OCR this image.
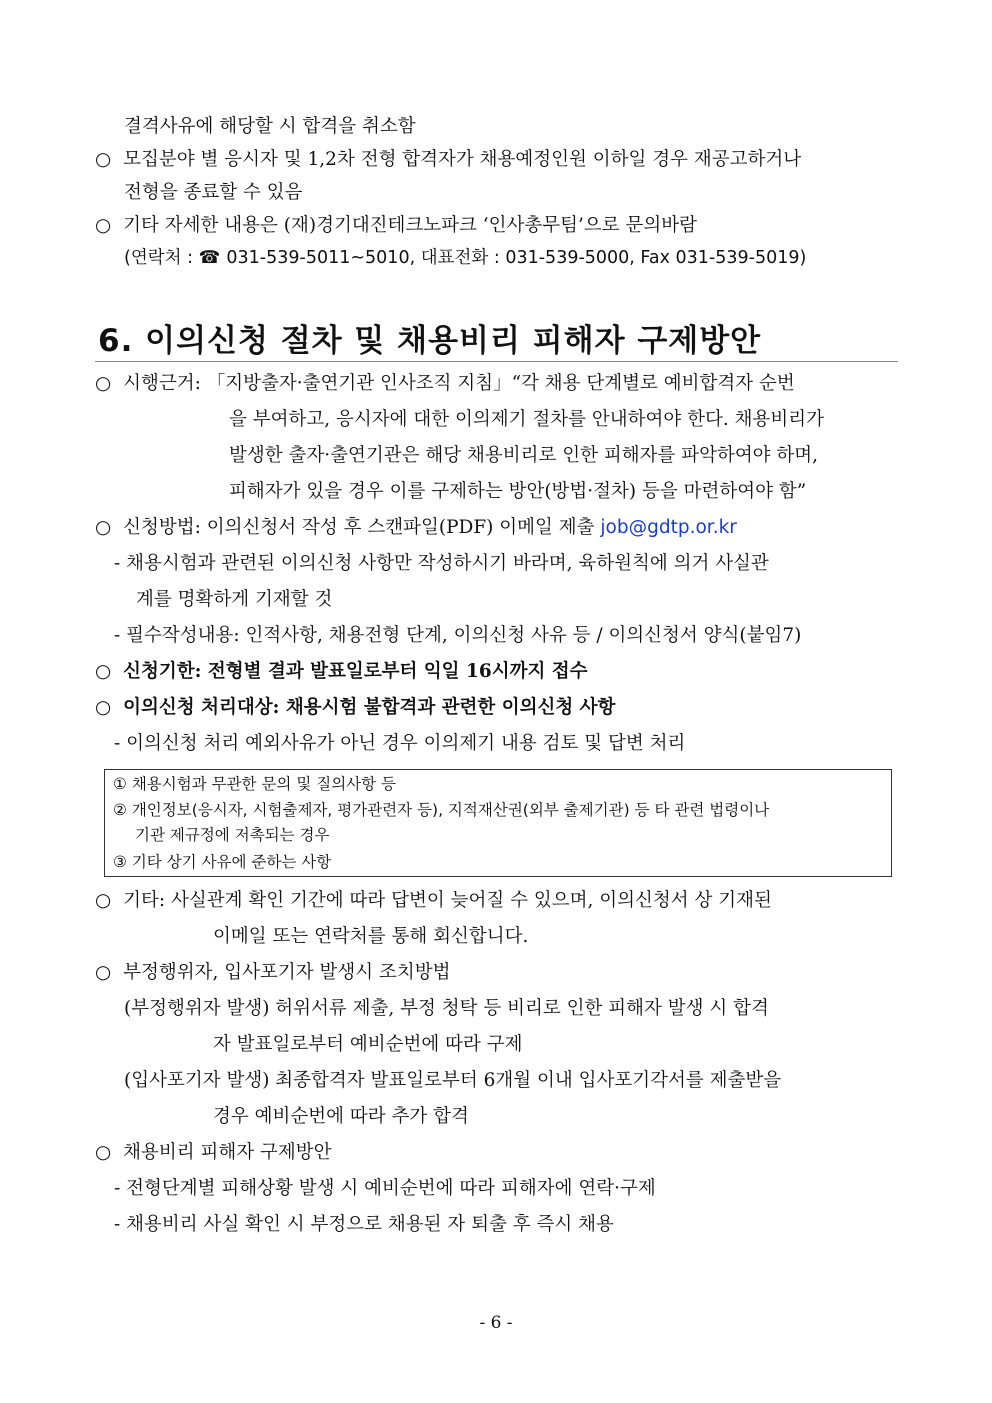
결격사유에 해당할 시 합격을 취소함
○ 모집분야 별 응시자 및 1,2차 전형 합격자가 채용예정인원 이하일 경우 재공고하거나
전형을 종료할 수 있음
○ 기타 자세한 내용은 (재)경기대진테크노파크 ‘인사총무팀’으로 문의바람
(연락처 : ☎ 031-539-5011~5010, 대표전화 : 031-539-5000, Fax 031-539-5019)
6. 이의신청 절차 및 채용비리 피해자 구제방안
○ 시행근거: 「지방출자·출연기관 인사조직 지침」“각 채용 단계별로 예비합격자 순번
을 부여하고, 응시자에 대한 이의제기 절차를 안내하여야 한다. 채용비리가
발생한 출자·출연기관은 해당 채용비리로 인한 피해자를 파악하여야 하며,
피해자가 있을 경우 이를 구제하는 방안(방법·절차) 등을 마련하여야 함”
○ 신청방법: 이의신청서 작성 후 스캔파일(PDF) 이메일 제출 job@gdtp.or.kr
- 채용시험과 관련된 이의신청 사항만 작성하시기 바라며, 육하원칙에 의거 사실관
계를 명확하게 기재할 것
- 필수작성내용: 인적사항, 채용전형 단계, 이의신청 사유 등 / 이의신청서 양식(붙임7)
○ 신청기한: 전형별 결과 발표일로부터 익일 16시까지 접수
○ 이의신청 처리대상: 채용시험 불합격과 관련한 이의신청 사항
- 이의신청 처리 예외사유가 아닌 경우 이의제기 내용 검토 및 답변 처리
① 채용시험과 무관한 문의 및 질의사항 등
② 개인정보(응시자, 시험출제자, 평가관련자 등), 지적재산권(외부 출제기관) 등 타 관련 법령이나
기관 제규정에 저촉되는 경우
③ 기타 상기 사유에 준하는 사항
○ 기타: 사실관계 확인 기간에 따라 답변이 늦어질 수 있으며, 이의신청서 상 기재된
이메일 또는 연락처를 통해 회신합니다.
○ 부정행위자, 입사포기자 발생시 조치방법
(부정행위자 발생) 허위서류 제출, 부정 청탁 등 비리로 인한 피해자 발생 시 합격
자 발표일로부터 예비순번에 따라 구제
(입사포기자 발생) 최종합격자 발표일로부터 6개월 이내 입사포기각서를 제출받을
경우 예비순번에 따라 추가 합격
○ 채용비리 피해자 구제방안
- 전형단계별 피해상황 발생 시 예비순번에 따라 피해자에 연락·구제
- 채용비리 사실 확인 시 부정으로 채용된 자 퇴출 후 즉시 채용
- 6 -
